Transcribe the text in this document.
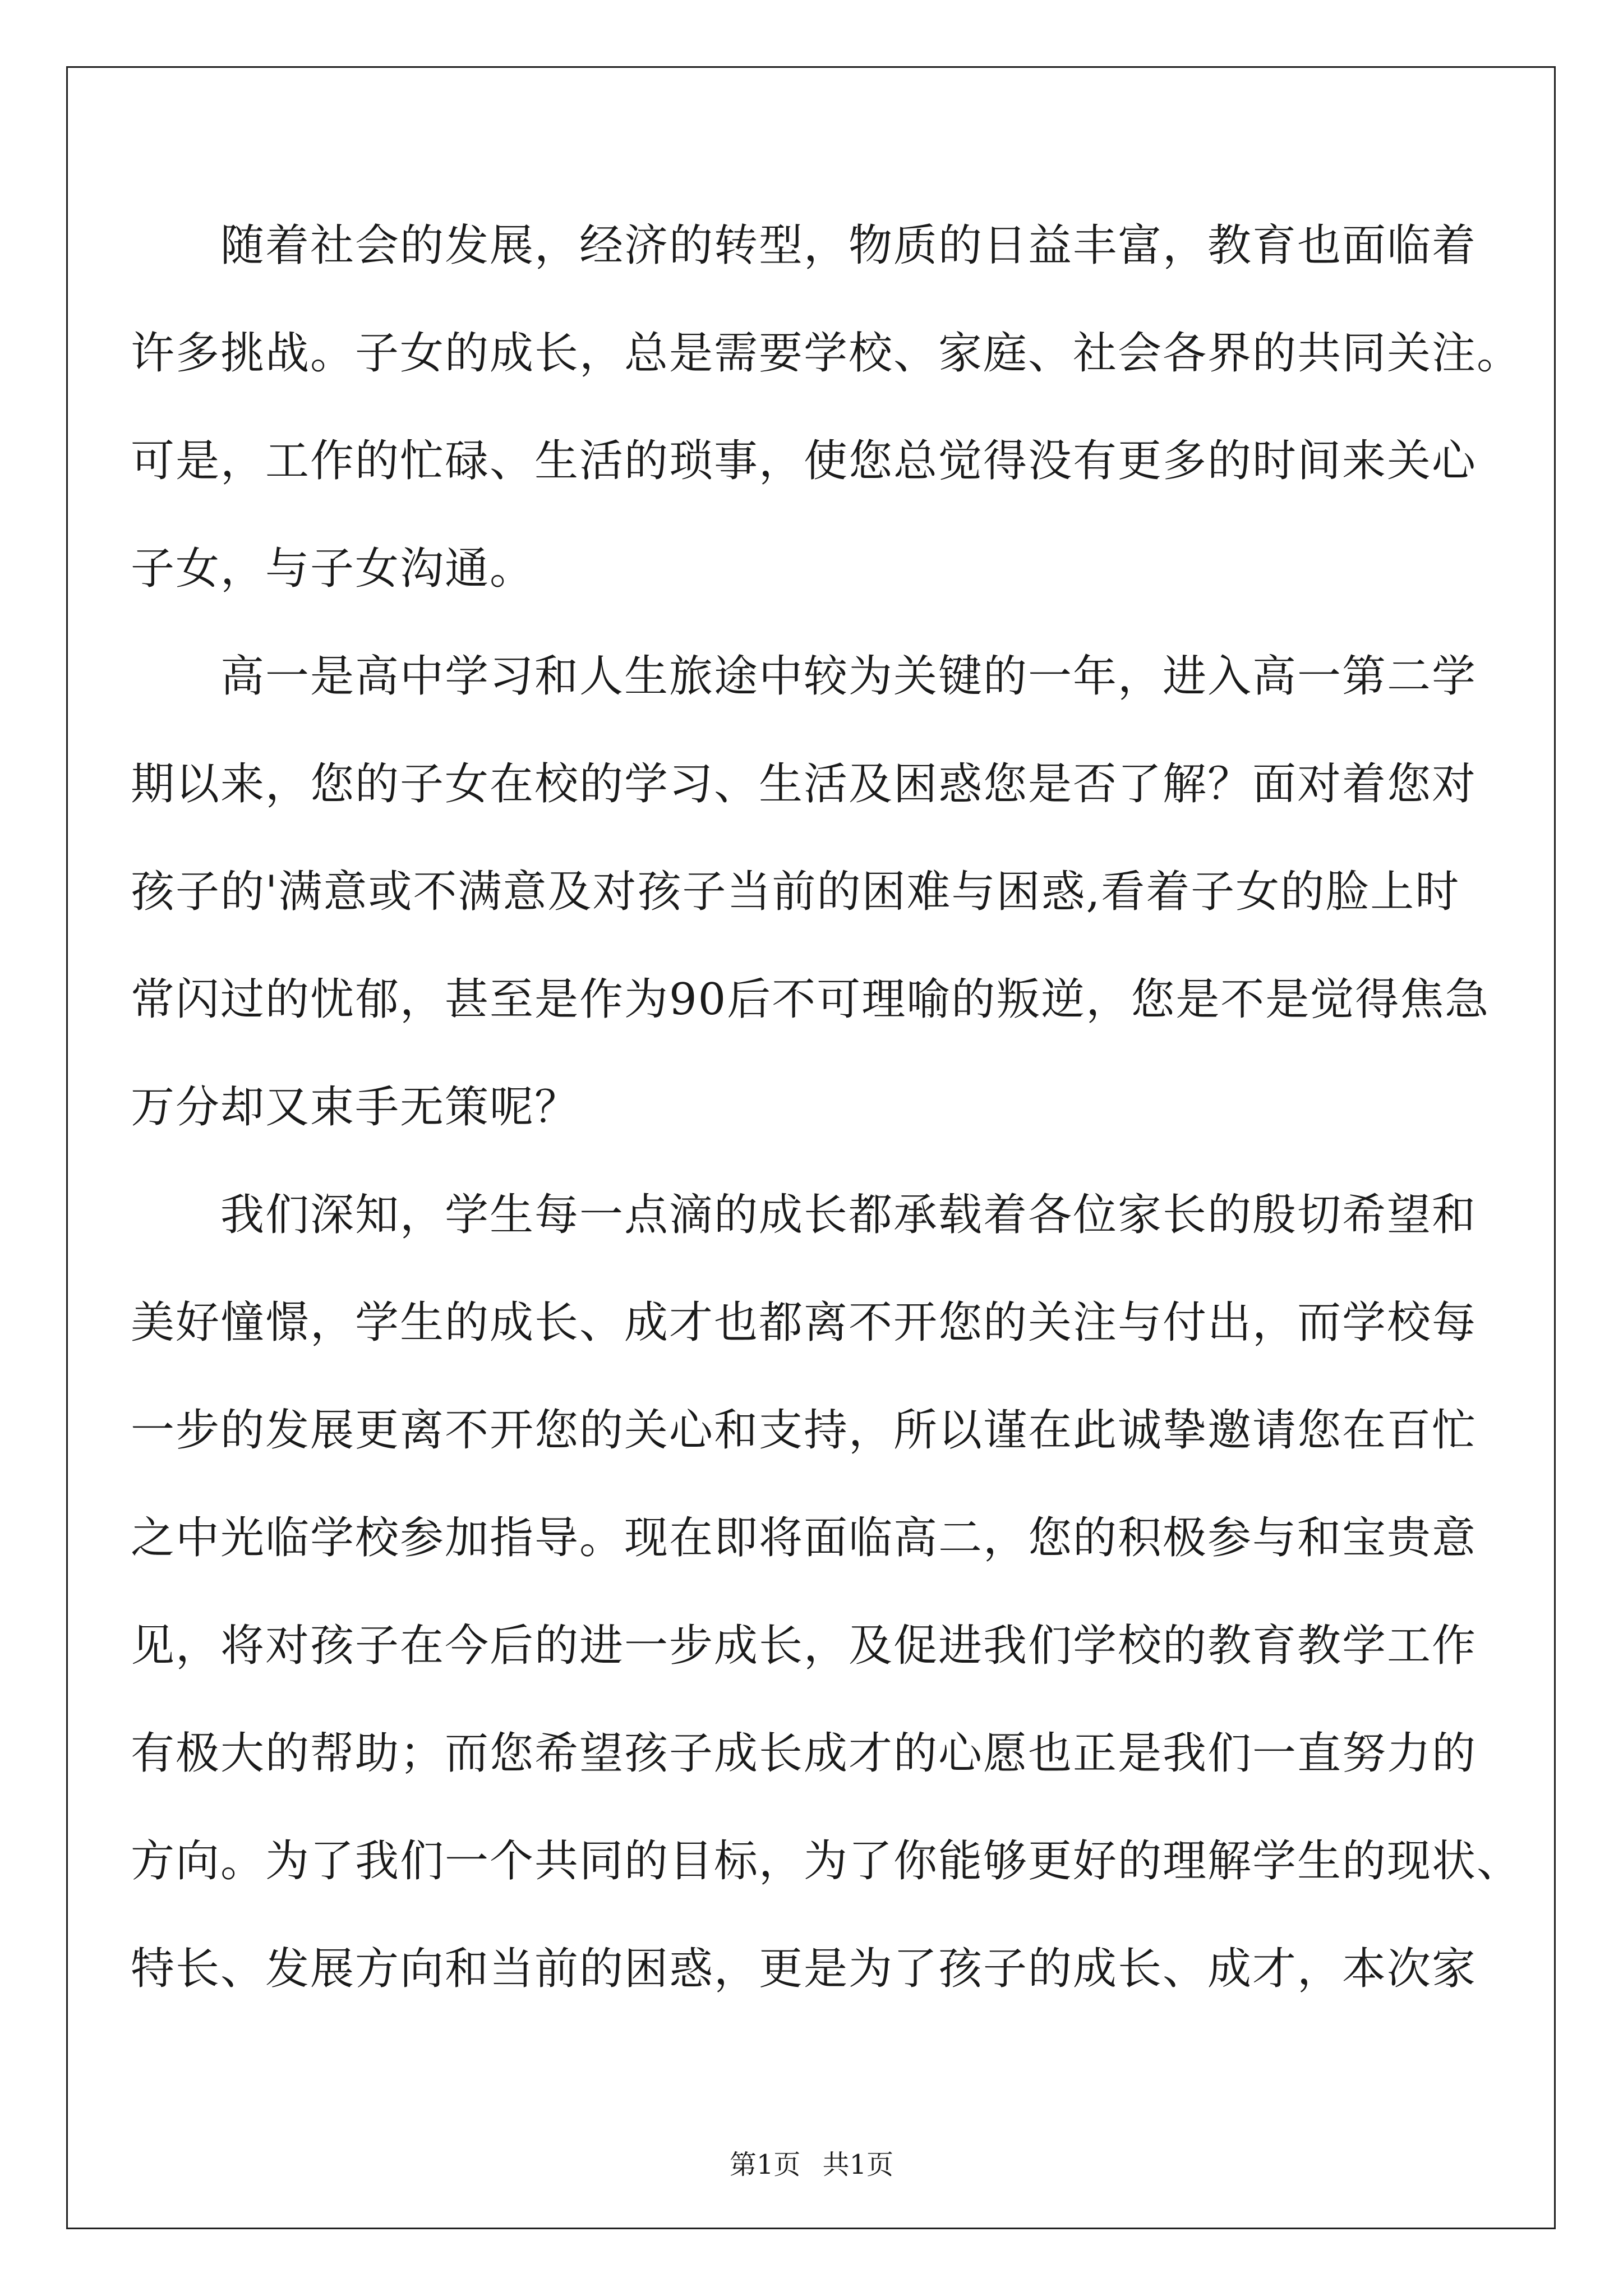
随着社会的发展，经济的转型，物质的日益丰富，教育也面临着
许多挑战。子女的成长，总是需要学校、家庭、社会各界的共同关注。
可是，工作的忙碌、生活的琐事，使您总觉得没有更多的时间来关心
子女，与子女沟通。
高一是高中学习和人生旅途中较为关键的一年，进入高一第二学
期以来，您的子女在校的学习、生活及困惑您是否了解？面对着您对
孩子的'满意或不满意及对孩子当前的困难与困惑,看着子女的脸上时
常闪过的忧郁，甚至是作为90后不可理喻的叛逆，您是不是觉得焦急
万分却又束手无策呢？
我们深知，学生每一点滴的成长都承载着各位家长的殷切希望和
美好憧憬，学生的成长、成才也都离不开您的关注与付出，而学校每
一步的发展更离不开您的关心和支持，所以谨在此诚挚邀请您在百忙
之中光临学校参加指导。现在即将面临高二，您的积极参与和宝贵意
见，将对孩子在今后的进一步成长，及促进我们学校的教育教学工作
有极大的帮助；而您希望孩子成长成才的心愿也正是我们一直努力的
方向。为了我们一个共同的目标，为了你能够更好的理解学生的现状、
特长、发展方向和当前的困惑，更是为了孩子的成长、成才，本次家
第1页 共1页
